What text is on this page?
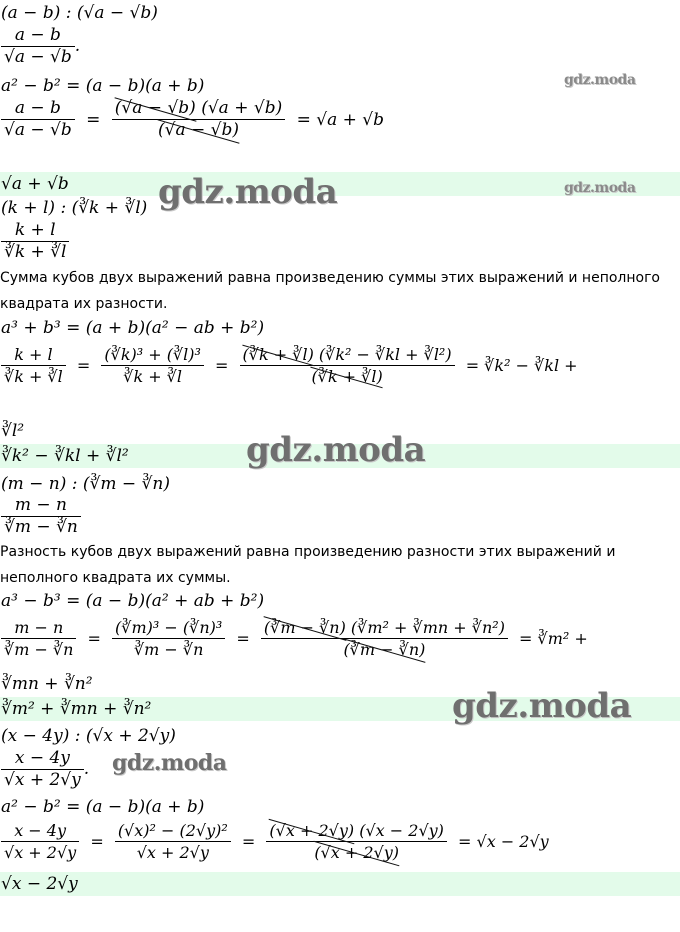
(a − b) : (√a − √b)
$\frac{a - b}{√a - √b}$ .
a² − b² = (a − b)(a + b)
$\frac{a - b}{√a - √b} = \frac{(√a - √b) (√a + √b)}{(√a - √b)} = √a + √b$
√a + √b
(k + l) : (∛k + ∛l)
$\frac{k + l}{∛k + ∛l}$
Сумма кубов двух выражений равна произведению суммы этих выражений и неполного
квадрата их разности.
a³ + b³ = (a + b)(a² − ab + b²)
$\frac{k + l}{∛k + ∛l} = \frac{\text{(∛k)³ + (∛l)³}}{∛k + ∛l} = \frac{\text{(∛k + ∛l) (∛k² − ∛kl + ∛l²)}}{(∛k + ∛l)}$ = ∛k² − ∛kl +
∛l²
∛k² − ∛kl + ∛l²
(m − n) : (∛m − ∛n)
$\frac{m - n}{∛m - ∛n}$
Разность кубов двух выражений равна произведению разности этих выражений и
неполного квадрата их суммы.
a³ − b³ = (a − b)(a² + ab + b²)
$\frac{m - n}{∛m - ∛n} = \frac{\text{(∛m)³ − (∛n)³}}{∛m - ∛n} = \frac{\text{(∛m − ∛n) (∛m² + ∛mn + ∛n²)}}{(∛m - ∛n)}$ = ∛m² +
∛mn + ∛n²
∛m² + ∛mn + ∛n²
(x − 4y) : (√x + 2√y)
$\frac{x - 4y}{√x + 2√y}$ .
a² − b² = (a − b)(a + b)
$\frac{x - 4y}{√x + 2√y} = \frac{\text{(√x)² − (2√y)²}}{√x + 2√y} = \frac{(√x + 2√y) (√x - 2√y)}{(√x + 2√y)} = √x - 2√y$
√x − 2√y
gdz.moda
gdz.moda
gdz.moda
gdz.moda
gdz.moda
gdz.moda
